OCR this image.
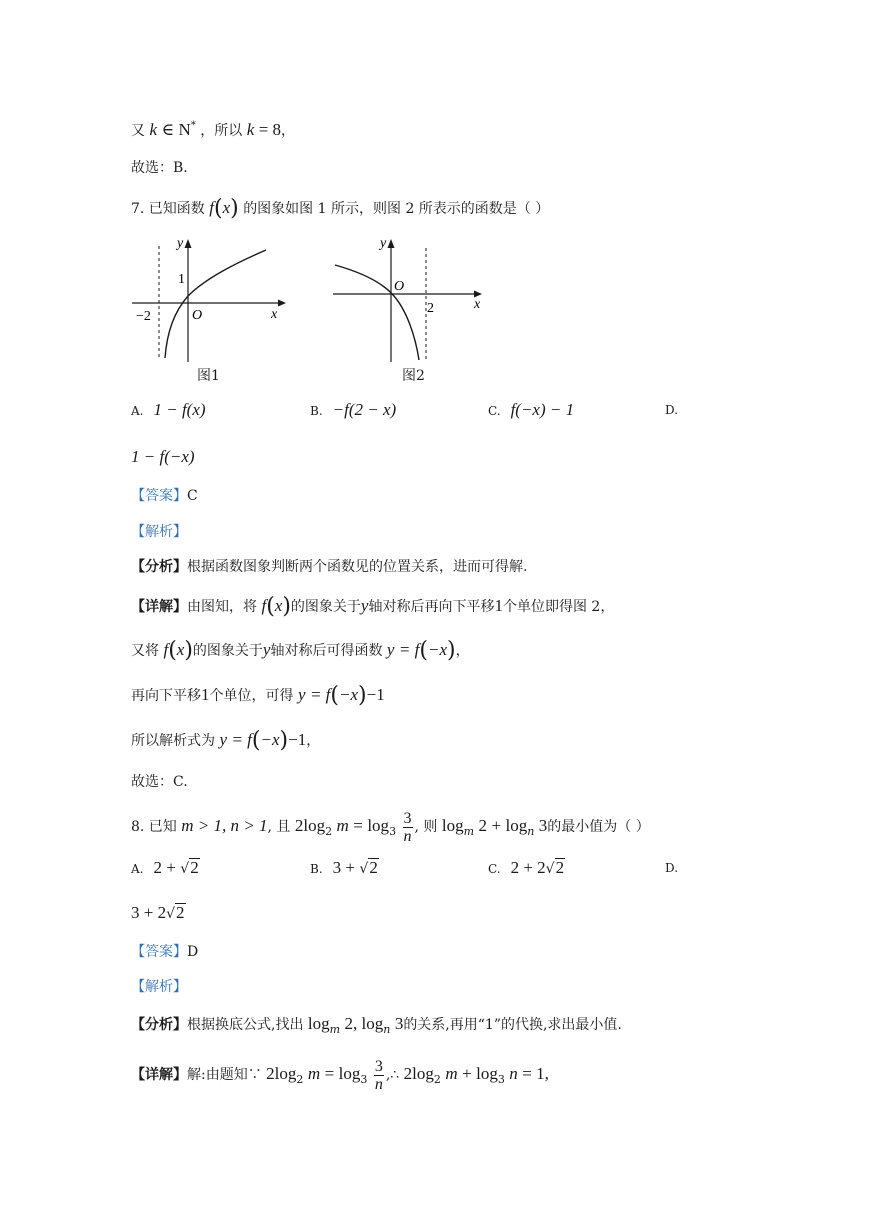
又 k ∈ N* ，所以 k = 8，
故选：B.
7. 已知函数 f(x) 的图象如图 1 所示，则图 2 所表示的函数是（ ）
y
x
O
1
−2
图1
y
x
O
2
图2
A. 1 − f(x)	B. −f(2 − x)	C. f(−x) − 1	D.
1 − f(−x)
【答案】C
【解析】
【分析】根据函数图象判断两个函数见的位置关系，进而可得解.
【详解】由图知，将 f(x)的图象关于y轴对称后再向下平移1个单位即得图 2，
又将 f(x)的图象关于y轴对称后可得函数 y = f(−x)，
再向下平移1个单位，可得 y = f(−x)−1
所以解析式为 y = f(−x)−1，
故选：C.
8. 已知 m > 1, n > 1, 且 $2\log_2$ $m = \log_3 \frac{3}{n}$ , 则 $\log_m 2 + \log_n 3$的最小值为（ ）
A. 2 + √2	B. 3 + √2	C. 2 + 2√2	D.
3 + 2√2
【答案】D
【解析】
【分析】根据换底公式,找出 $\log_m 2$, $\log_n 3$的关系,再用“1”的代换,求出最小值.
【详解】解:由题知∵ $2\log_2$ $m = \log_3 \frac{3}{n}$ ,∴ $2\log_2$ $m + \log_3 n = 1$,
